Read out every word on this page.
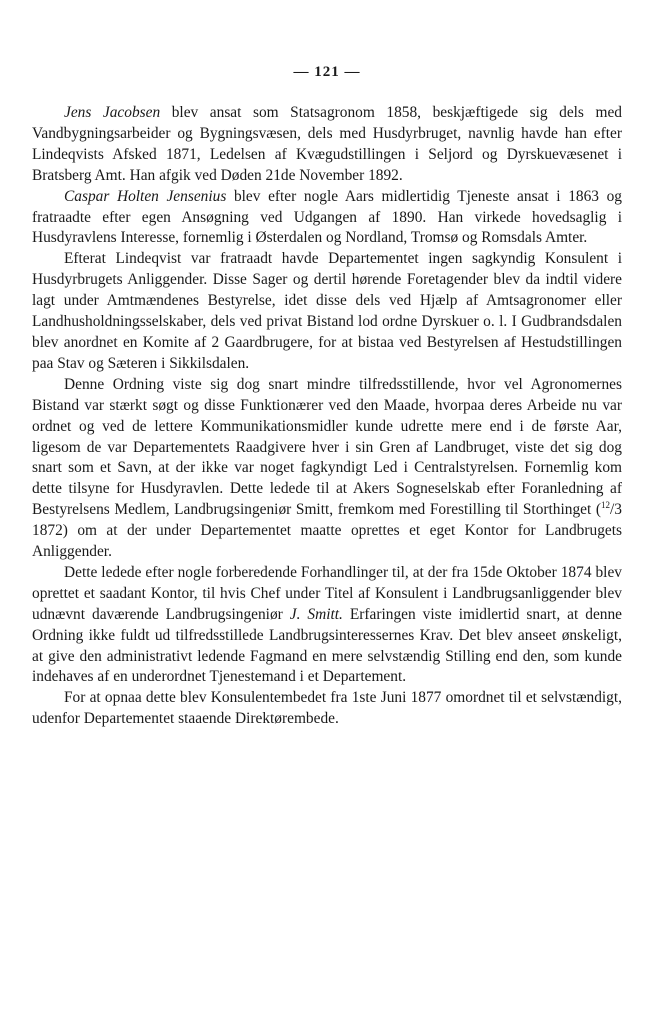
— 121 —

Jens Jacobsen blev ansat som Statsagronom 1858, beskjæftigede sig dels med Vandbygningsarbeider og Bygningsvæsen, dels med Husdyrbruget, navnlig havde han efter Lindeqvists Afsked 1871, Ledelsen af Kvægudstillingen i Seljord og Dyrskuevæsenet i Bratsberg Amt. Han afgik ved Døden 21de November 1892.

Caspar Holten Jensenius blev efter nogle Aars midlertidig Tjeneste ansat i 1863 og fratraadte efter egen Ansøgning ved Udgangen af 1890. Han virkede hovedsaglig i Husdyravlens Interesse, fornemlig i Østerdalen og Nordland, Tromsø og Romsdals Amter.

Efterat Lindeqvist var fratraadt havde Departementet ingen sagkyndig Konsulent i Husdyrbrugets Anliggender. Disse Sager og dertil hørende Foretagender blev da indtil videre lagt under Amtmændenes Bestyrelse, idet disse dels ved Hjælp af Amtsagronomer eller Landhusholdningsselskaber, dels ved privat Bistand lod ordne Dyrskuer o. l. I Gudbrandsdalen blev anordnet en Komite af 2 Gaardbrugere, for at bistaa ved Bestyrelsen af Hestudstillingen paa Stav og Sæteren i Sikkilsdalen.

Denne Ordning viste sig dog snart mindre tilfredsstillende, hvor vel Agronomernes Bistand var stærkt søgt og disse Funktionærer ved den Maade, hvorpaa deres Arbeide nu var ordnet og ved de lettere Kommunikationsmidler kunde udrette mere end i de første Aar, ligesom de var Departementets Raadgivere hver i sin Gren af Landbruget, viste det sig dog snart som et Savn, at der ikke var noget fagkyndigt Led i Centralstyrelsen. Fornemlig kom dette tilsyne for Husdyravlen. Dette ledede til at Akers Sogneselskab efter Foranledning af Bestyrelsens Medlem, Landbrugsingeniør Smitt, fremkom med Forestilling til Storthinget ($^{12}$/3 1872) om at der under Departementet maatte oprettes et eget Kontor for Landbrugets Anliggender.

Dette ledede efter nogle forberedende Forhandlinger til, at der fra 15de Oktober 1874 blev oprettet et saadant Kontor, til hvis Chef under Titel af Konsulent i Landbrugsanliggender blev udnævnt daværende Landbrugsingeniør J. Smitt. Erfaringen viste imidlertid snart, at denne Ordning ikke fuldt ud tilfredsstillede Landbrugsinteressernes Krav. Det blev anseet ønskeligt, at give den administrativt ledende Fagmand en mere selvstændig Stilling end den, som kunde indehaves af en underordnet Tjenestemand i et Departement.

For at opnaa dette blev Konsulentembedet fra 1ste Juni 1877 omordnet til et selvstændigt, udenfor Departementet staaende Direktørembede.
